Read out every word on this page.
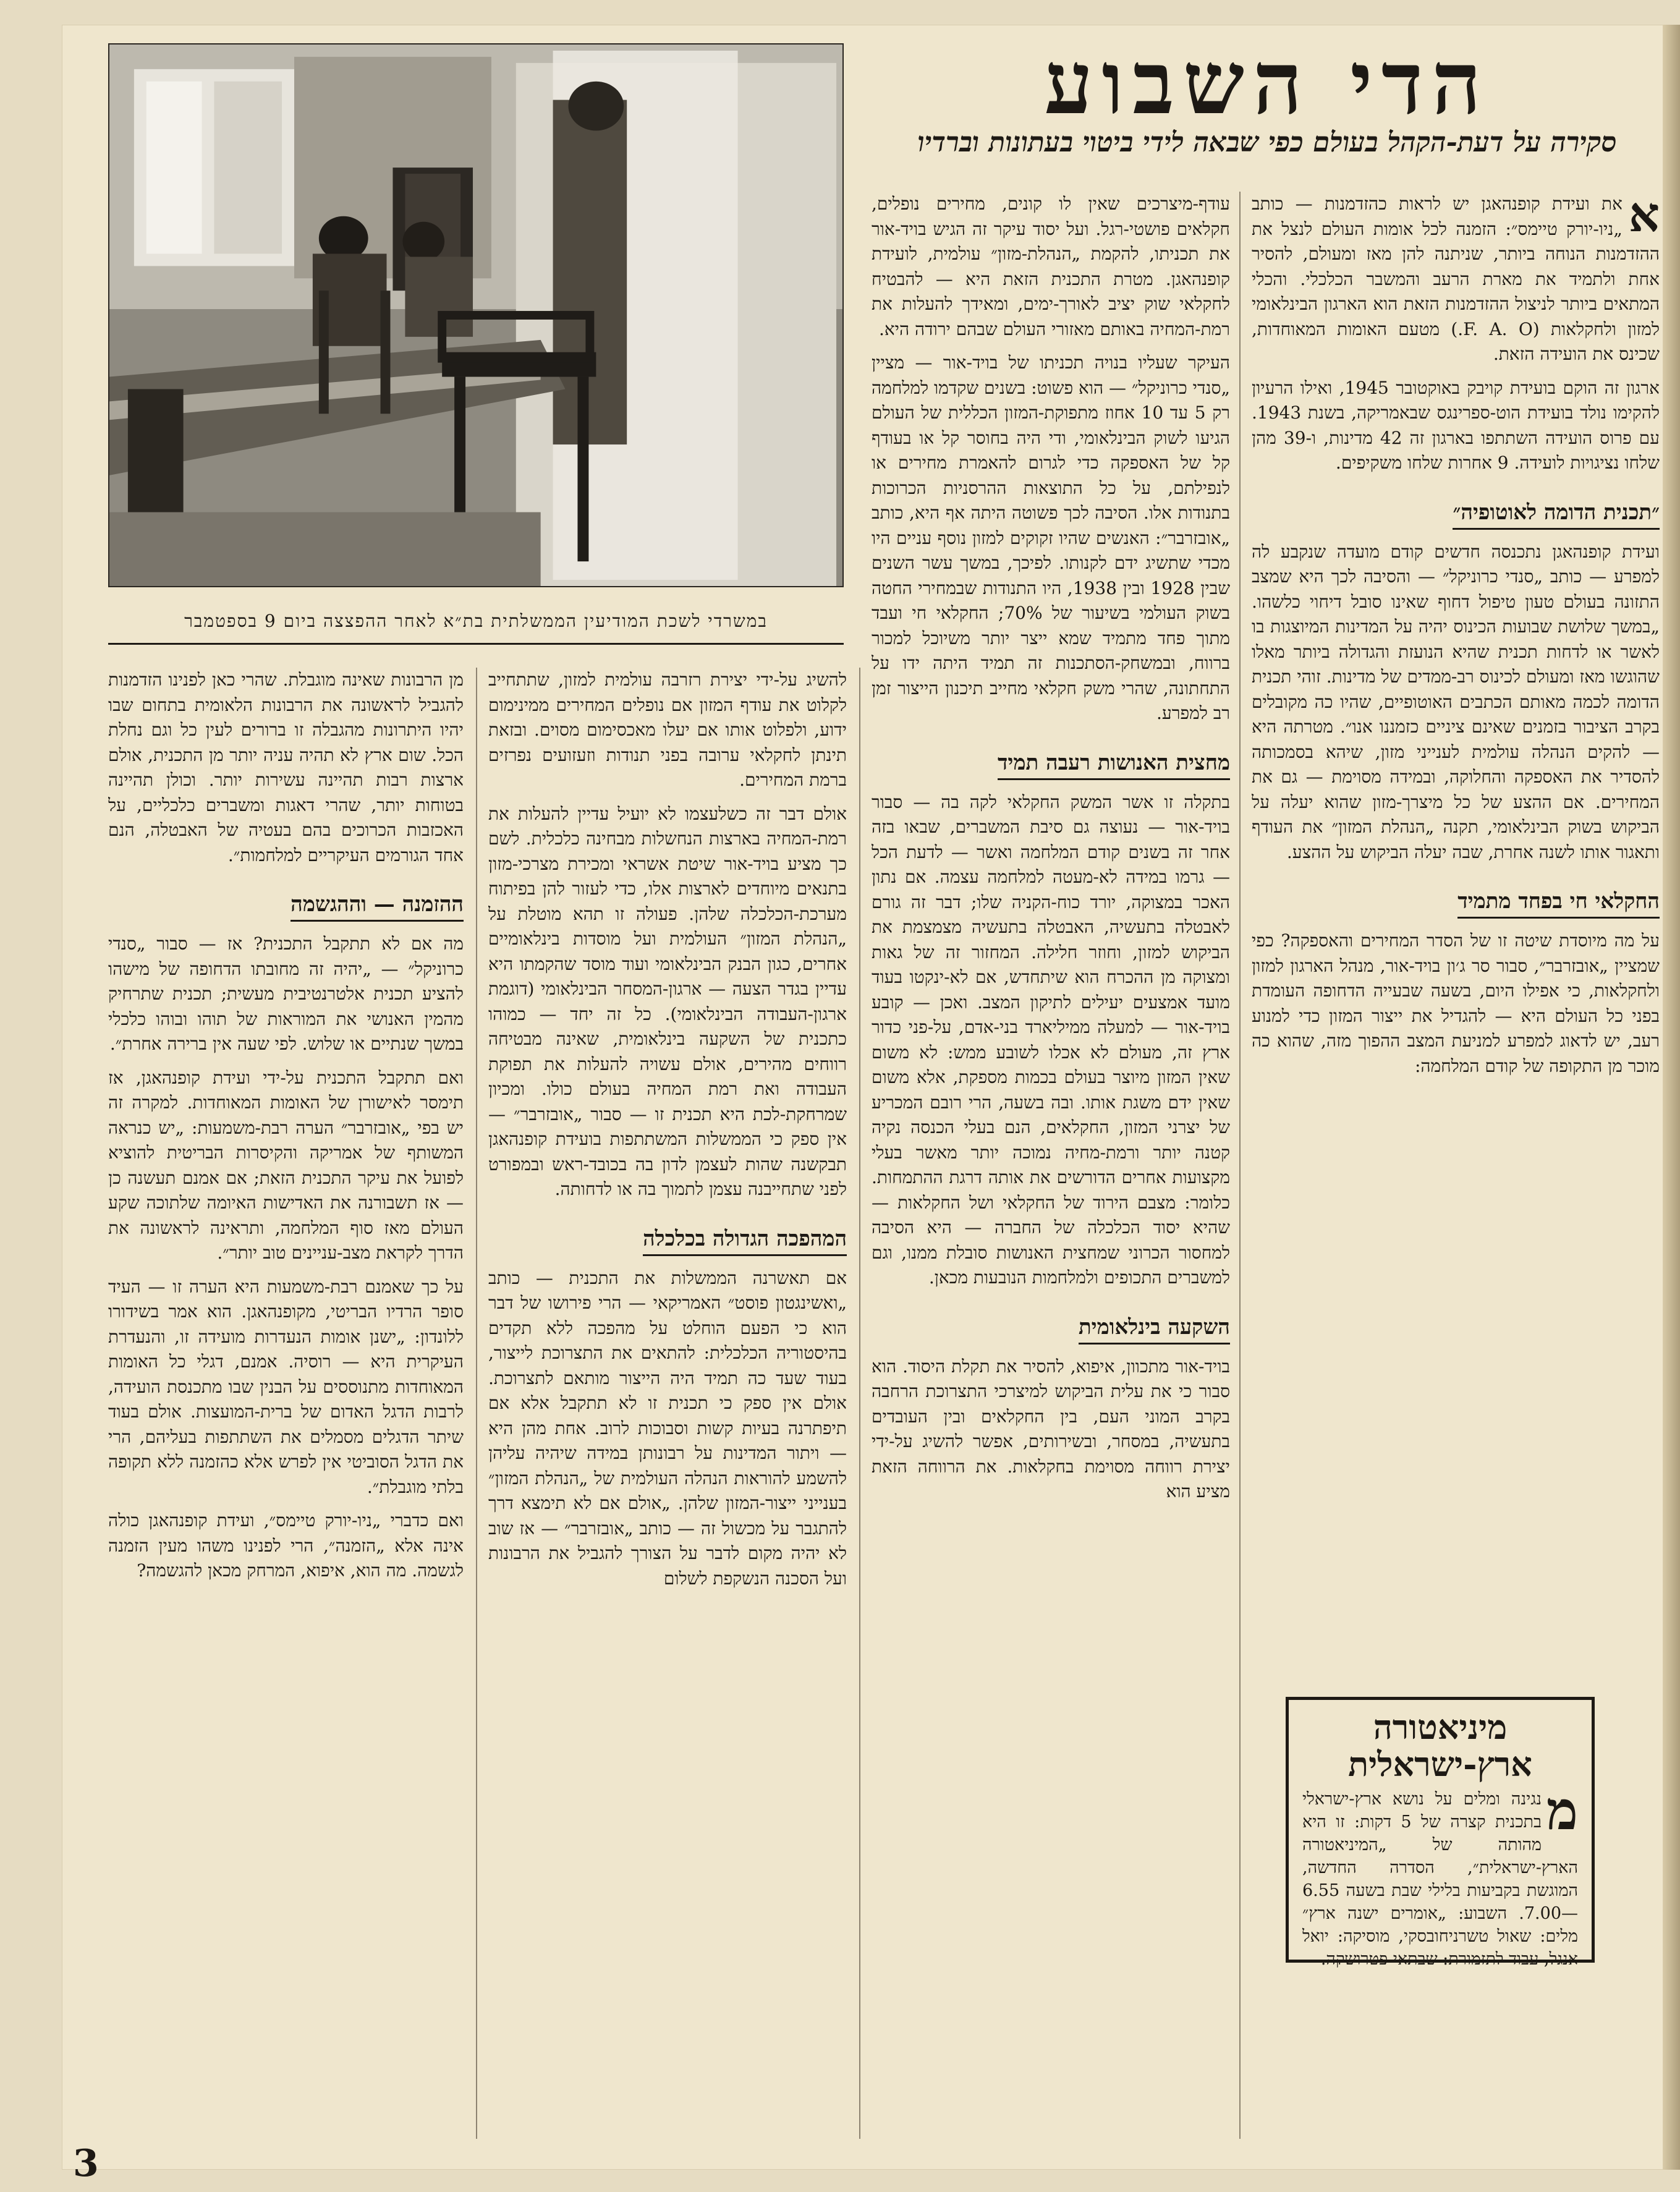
במשרדי לשכת המודיעין הממשלתית בת״א לאחר ההפצצה ביום 9 בספטמבר
הדי השבוע
סקירה על דעת-הקהל בעולם כפי שבאה לידי ביטוי בעתונות וברדיו

א
את ועידת קופנהאגן יש לראות כהזדמנות — כותב „ניו-יורק טיימס״: הזמנה לכל אומות העולם לנצל את ההזדמנות הנוחה ביותר, שניתנה להן מאז ומעולם, להסיר אחת ולתמיד את מארת הרעב והמשבר הכלכלי. והכלי המתאים ביותר לניצול ההזדמנות הזאת הוא הארגון הבינלאומי למזון ולחקלאות (F. A. O.) מטעם האומות המאוחדות, שכינס את הועידה הזאת.

ארגון זה הוקם בועידת קויבק באוקטובר 1945, ואילו הרעיון להקימו נולד בועידת הוט-ספרינגס שבאמריקה, בשנת 1943. עם פרוס הועידה השתתפו בארגון זה 42 מדינות, ו-39 מהן שלחו נציגויות לועידה. 9 אחרות שלחו משקיפים.

״תכנית הדומה לאוטופיה״

ועידת קופנהאגן נתכנסה חדשים קודם מועדה שנקבע לה למפרע — כותב „סנדי כרוניקל״ — והסיבה לכך היא שמצב התזונה בעולם טעון טיפול דחוף שאינו סובל דיחוי כלשהו. „במשך שלושת שבועות הכינוס יהיה על המדינות המיוצגות בו לאשר או לדחות תכנית שהיא הנועזת והגדולה ביותר מאלו שהוגשו מאז ומעולם לכינוס רב-ממדים של מדינות. זוהי תכנית הדומה לכמה מאותם הכתבים האוטופיים, שהיו כה מקובלים בקרב הציבור בזמנים שאינם ציניים כזמננו אנו״. מטרתה היא — להקים הנהלה עולמית לענייני מזון, שיהא בסמכותה להסדיר את האספקה והחלוקה, ובמידה מסוימת — גם את המחירים. אם ההצע של כל מיצרך-מזון שהוא יעלה על הביקוש בשוק הבינלאומי, תקנה „הנהלת המזון״ את העודף ותאגור אותו לשנה אחרת, שבה יעלה הביקוש על ההצע.

החקלאי חי בפחד מתמיד

על מה מיוסדת שיטה זו של הסדר המחירים והאספקה? כפי שמציין „אובזרבר״, סבור סר ג׳ון בויד-אור, מנהל הארגון למזון ולחקלאות, כי אפילו היום, בשעה שבעייה הדחופה העומדת בפני כל העולם היא — להגדיל את ייצור המזון כדי למנוע רעב, יש לדאוג למפרע למניעת המצב ההפוך מזה, שהוא כה מוכר מן התקופה של קודם המלחמה:

עודף-מיצרכים שאין לו קונים, מחירים נופלים, חקלאים פושטי-רגל. ועל יסוד עיקר זה הגיש בויד-אור את תכניתו, להקמת „הנהלת-מזון״ עולמית, לועידת קופנהאגן. מטרת התכנית הזאת היא — להבטיח לחקלאי שוק יציב לאורך-ימים, ומאידך להעלות את רמת-המחיה באותם מאזורי העולם שבהם ירודה היא.

העיקר שעליו בנויה תכניתו של בויד-אור — מציין „סנדי כרוניקל״ — הוא פשוט: בשנים שקדמו למלחמה רק 5 עד 10 אחוז מתפוקת-המזון הכללית של העולם הגיעו לשוק הבינלאומי, ודי היה בחוסר קל או בעודף קל של האספקה כדי לגרום להאמרת מחירים או לנפילתם, על כל התוצאות ההרסניות הכרוכות בתנודות אלו. הסיבה לכך פשוטה היתה אף היא, כותב „אובזרבר״: האנשים שהיו זקוקים למזון נוסף עניים היו מכדי שתשיג ידם לקנותו. לפיכך, במשך עשר השנים שבין 1928 ובין 1938, היו התנודות שבמחירי החטה בשוק העולמי בשיעור של 70%; החקלאי חי ועבד מתוך פחד מתמיד שמא ייצר יותר משיוכל למכור ברווח, ובמשחק-הסתכנות זה תמיד היתה ידו על התחתונה, שהרי משק חקלאי מחייב תיכנון הייצור זמן רב למפרע.

מחצית האנושות רעבה תמיד

בתקלה זו אשר המשק החקלאי לקה בה — סבור בויד-אור — נעוצה גם סיבת המשברים, שבאו בזה אחר זה בשנים קודם המלחמה ואשר — לדעת הכל — גרמו במידה לא-מעטה למלחמה עצמה. אם נתון האכר במצוקה, יורד כוח-הקניה שלו; דבר זה גורם לאבטלה בתעשיה, האבטלה בתעשיה מצמצמת את הביקוש למזון, וחוזר חלילה. המחזור זה של גאות ומצוקה מן ההכרח הוא שיתחדש, אם לא-ינקטו בעוד מועד אמצעים יעילים לתיקון המצב. ואכן — קובע בויד-אור — למעלה ממיליארד בני-אדם, על-פני כדור ארץ זה, מעולם לא אכלו לשובע ממש: לא משום שאין המזון מיוצר בעולם בכמות מספקת, אלא משום שאין ידם משגת אותו. ובה בשעה, הרי רובם המכריע של יצרני המזון, החקלאים, הנם בעלי הכנסה נקיה קטנה יותר ורמת-מחיה נמוכה יותר מאשר בעלי מקצועות אחרים הדורשים את אותה דרגת ההתמחות. כלומר: מצבם הירוד של החקלאי ושל החקלאות — שהיא יסוד הכלכלה של החברה — היא הסיבה למחסור הכרוני שמחצית האנושות סובלת ממנו, וגם למשברים התכופים ולמלחמות הנובעות מכאן.

השקעה בינלאומית

בויד-אור מתכוון, איפוא, להסיר את תקלת היסוד. הוא סבור כי את עלית הביקוש למיצרכי התצרוכת הרחבה בקרב המוני העם, בין החקלאים ובין העובדים בתעשיה, במסחר, ובשירותים, אפשר להשיג על-ידי יצירת רווחה מסוימת בחקלאות. את הרווחה הזאת מציע הוא

להשיג על-ידי יצירת רזרבה עולמית למזון, שתתחייב לקלוט את עודף המזון אם נופלים המחירים ממינימום ידוע, ולפלוט אותו אם יעלו מאכסימום מסוים. ובזאת תינתן לחקלאי ערובה בפני תנודות וזעזועים נפרזים ברמת המחירים.

אולם דבר זה כשלעצמו לא יועיל עדיין להעלות את רמת-המחיה בארצות הנחשלות מבחינה כלכלית. לשם כך מציע בויד-אור שיטת אשראי ומכירת מצרכי-מזון בתנאים מיוחדים לארצות אלו, כדי לעזור להן בפיתוח מערכת-הכלכלה שלהן. פעולה זו תהא מוטלת על „הנהלת המזון״ העולמית ועל מוסדות בינלאומיים אחרים, כגון הבנק הבינלאומי ועוד מוסד שהקמתו היא עדיין בגדר הצעה — ארגון-המסחר הבינלאומי (דוגמת ארגון-העבודה הבינלאומי). כל זה יחד — כמוהו כתכנית של השקעה בינלאומית, שאינה מבטיחה רווחים מהירים, אולם עשויה להעלות את תפוקת העבודה ואת רמת המחיה בעולם כולו. ומכיון שמרחקת-לכת היא תכנית זו — סבור „אובזרבר״ — אין ספק כי הממשלות המשתתפות בועידת קופנהאגן תבקשנה שהות לעצמן לדון בה בכובד-ראש ובמפורט לפני שתחייבנה עצמן לתמוך בה או לדחותה.

המהפכה הגדולה בכלכלה

אם תאשרנה הממשלות את התכנית — כותב „ואשינגטון פוסט״ האמריקאי — הרי פירושו של דבר הוא כי הפעם הוחלט על מהפכה ללא תקדים בהיסטוריה הכלכלית: להתאים את התצרוכת לייצור, בעוד שעד כה תמיד היה הייצור מותאם לתצרוכת. אולם אין ספק כי תכנית זו לא תתקבל אלא אם תיפתרנה בעיות קשות וסבוכות לרוב. אחת מהן היא — ויתור המדינות על רבונותן במידה שיהיה עליהן להשמע להוראות הנהלה העולמית של „הנהלת המזון״ בענייני ייצור-המזון שלהן. „אולם אם לא תימצא דרך להתגבר על מכשול זה — כותב „אובזרבר״ — אז שוב לא יהיה מקום לדבר על הצורך להגביל את הרבונות ועל הסכנה הנשקפת לשלום

מן הרבונות שאינה מוגבלת. שהרי כאן לפנינו הזדמנות להגביל לראשונה את הרבונות הלאומית בתחום שבו יהיו היתרונות מהגבלה זו ברורים לעין כל וגם נחלת הכל. שום ארץ לא תהיה עניה יותר מן התכנית, אולם ארצות רבות תהיינה עשירות יותר. וכולן תהיינה בטוחות יותר, שהרי דאגות ומשברים כלכליים, על האכזבות הכרוכים בהם בעטיה של האבטלה, הנם אחד הגורמים העיקריים למלחמות״.

ההזמנה — וההגשמה

מה אם לא תתקבל התכנית? אז — סבור „סנדי כרוניקל״ — „יהיה זה מחובתו הדחופה של מישהו להציע תכנית אלטרנטיבית מעשית; תכנית שתרחיק מהמין האנושי את המוראות של תוהו ובוהו כלכלי במשך שנתיים או שלוש. לפי שעה אין ברירה אחרת״.

ואם תתקבל התכנית על-ידי ועידת קופנהאגן, אז תימסר לאישורן של האומות המאוחדות. למקרה זה יש בפי „אובזרבר״ הערה רבת-משמעות: „יש כנראה המשותף של אמריקה והקיסרות הבריטית להוציא לפועל את עיקר התכנית הזאת; אם אמנם תעשנה כן — אז תשבורנה את האדישות האיומה שלתוכה שקע העולם מאז סוף המלחמה, ותראינה לראשונה את הדרך לקראת מצב-עניינים טוב יותר״.

על כך שאמנם רבת-משמעות היא הערה זו — העיד סופר הרדיו הבריטי, מקופנהאגן. הוא אמר בשידורו ללונדון: „ישנן אומות הנעדרות מועידה זו, והנעדרת העיקרית היא — רוסיה. אמנם, דגלי כל האומות המאוחדות מתנוססים על הבנין שבו מתכנסת הועידה, לרבות הדגל האדום של ברית-המועצות. אולם בעוד שיתר הדגלים מסמלים את השתתפות בעליהם, הרי את הדגל הסוביטי אין לפרש אלא כהזמנה ללא תקופה בלתי מוגבלת״.

ואם כדברי „ניו-יורק טיימס״, ועידת קופנהאגן כולה אינה אלא „הזמנה״, הרי לפנינו משהו מעין הזמנה לגשמה. מה הוא, איפוא, המרחק מכאן להגשמה?

מיניאטורה
ארץ-ישראלית
מ
נגינה ומלים על נושא ארץ-ישראלי בתכנית קצרה של 5 דקות: זו היא מהותה של „המיניאטורה הארץ-ישראלית״, הסדרה החדשה, המוגשת בקביעות בלילי שבת בשעה 6.55—7.00. השבוע: „אומרים ישנה ארץ״ מלים: שאול טשרניחובסקי, מוסיקה: יואל אנגל, עבוד לתזמורת: שבתאי פטרושקה.
3
